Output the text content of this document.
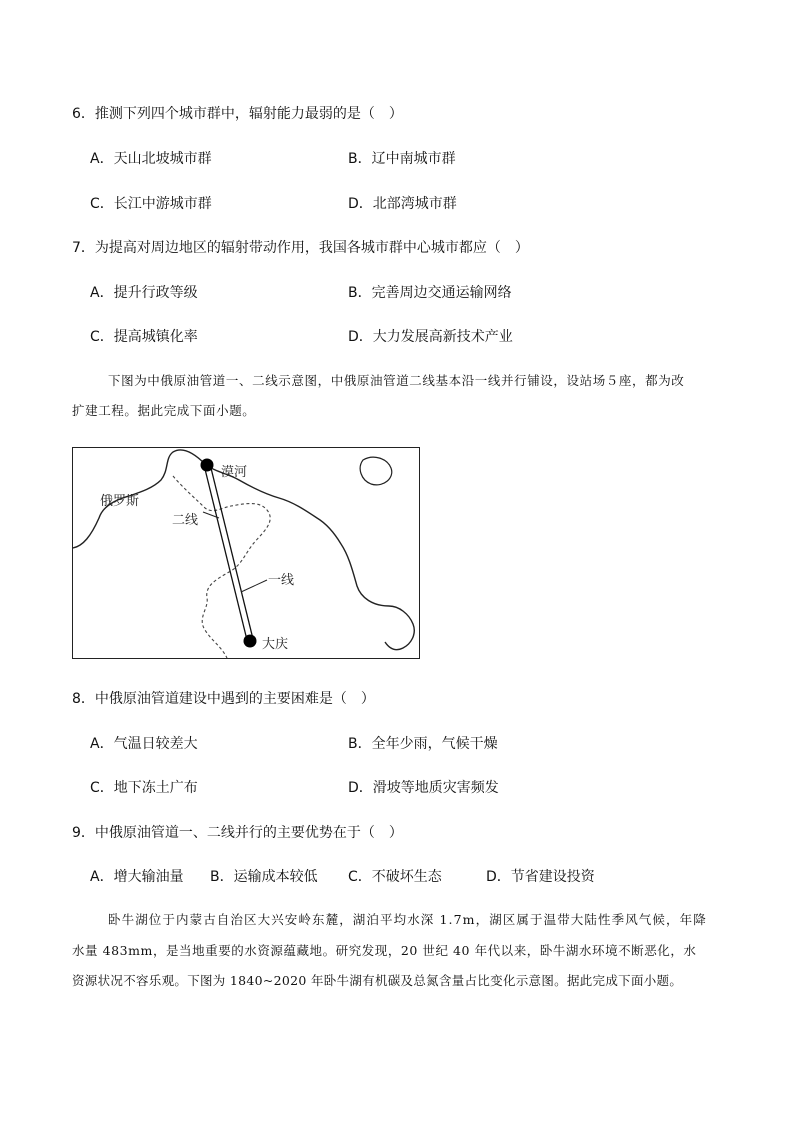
6．推测下列四个城市群中，辐射能力最弱的是（　）
A．天山北坡城市群	B．辽中南城市群
C．长江中游城市群	D．北部湾城市群
7．为提高对周边地区的辐射带动作用，我国各城市群中心城市都应（　）
A．提升行政等级	B．完善周边交通运输网络
C．提高城镇化率	D．大力发展高新技术产业
下图为中俄原油管道一、二线示意图，中俄原油管道二线基本沿一线并行铺设，设站场５座，都为改
扩建工程。据此完成下面小题。
俄罗斯
漠河
二线
一线
大庆
8．中俄原油管道建设中遇到的主要困难是（　）
A．气温日较差大	B．全年少雨，气候干燥
C．地下冻土广布	D．滑坡等地质灾害频发
9．中俄原油管道一、二线并行的主要优势在于（　）
A．增大输油量 B．运输成本较低 C．不破坏生态	D．节省建设投资
卧牛湖位于内蒙古自治区大兴安岭东麓，湖泊平均水深 1.7m，湖区属于温带大陆性季风气候，年降
水量 483mm，是当地重要的水资源蕴藏地。研究发现，20 世纪 40 年代以来，卧牛湖水环境不断恶化，水
资源状况不容乐观。下图为 1840~2020 年卧牛湖有机碳及总氮含量占比变化示意图。据此完成下面小题。
